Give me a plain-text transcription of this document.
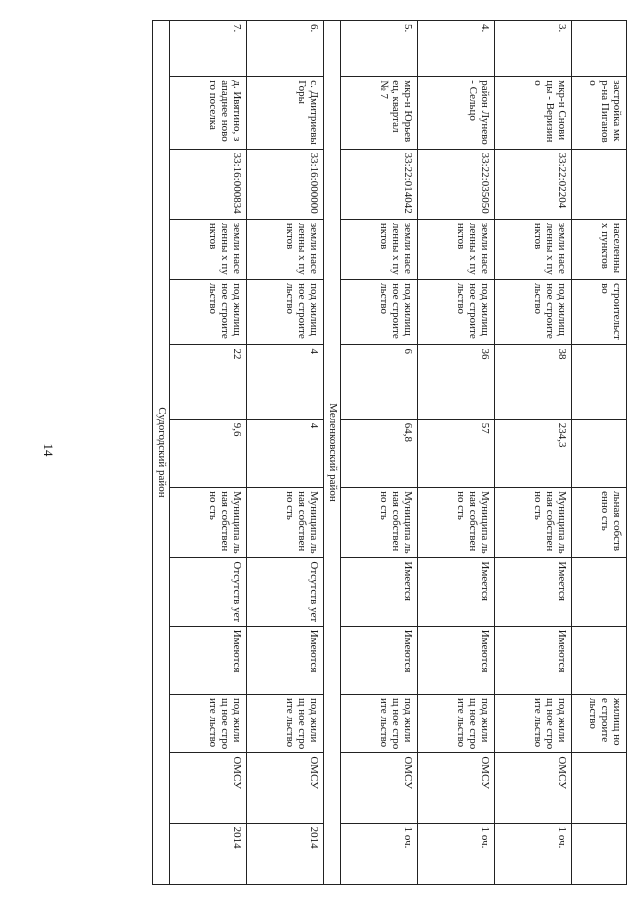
14
	застройка мкр-на Пиганово		населенны х пунктов	строительство			льная собственно сть			жилищ ное строите льство		
3.	мкр-н Сновицы - Веризино	33:22:02204	земли населенны х пунктов	под жилищное строительство	38	234,3	Муниципа льная собственно сть	Имеется	Имеются	под жилищ ное строите льство	ОМСУ	1 оч.
4.	район Лунево - Сельцо	33:22:035050	земли населенны х пунктов	под жилищное строительство	36	57	Муниципа льная собственно сть	Имеется	Имеются	под жилищ ное строите льство	ОМСУ	1 оч.
5.	мкр-н Юрьевец, квартал № 7	33:22:014042	земли населенны х пунктов	под жилищное строительство	6	64,8	Муниципа льная собственно сть	Имеется	Имеются	под жилищ ное строите льство	ОМСУ	1 оч.
Меленковский район												
6.	с. Дмитриевы Горы	33:16:000000	земли населенны х пунктов	под жилищное строительство	4	4	Муниципа льная собственно сть	Отсутств ует	Имеются	под жилищ ное строите льство	ОМСУ	2014
7.	д. Ивятино, западнее нового поселка	33:16:000834	земли населенны х пунктов	под жилищное строительство	22	9,6	Муниципа льная собственно сть	Отсутств ует	Имеются	под жилищ ное строите льство	ОМСУ	2014
Судогодский район												
